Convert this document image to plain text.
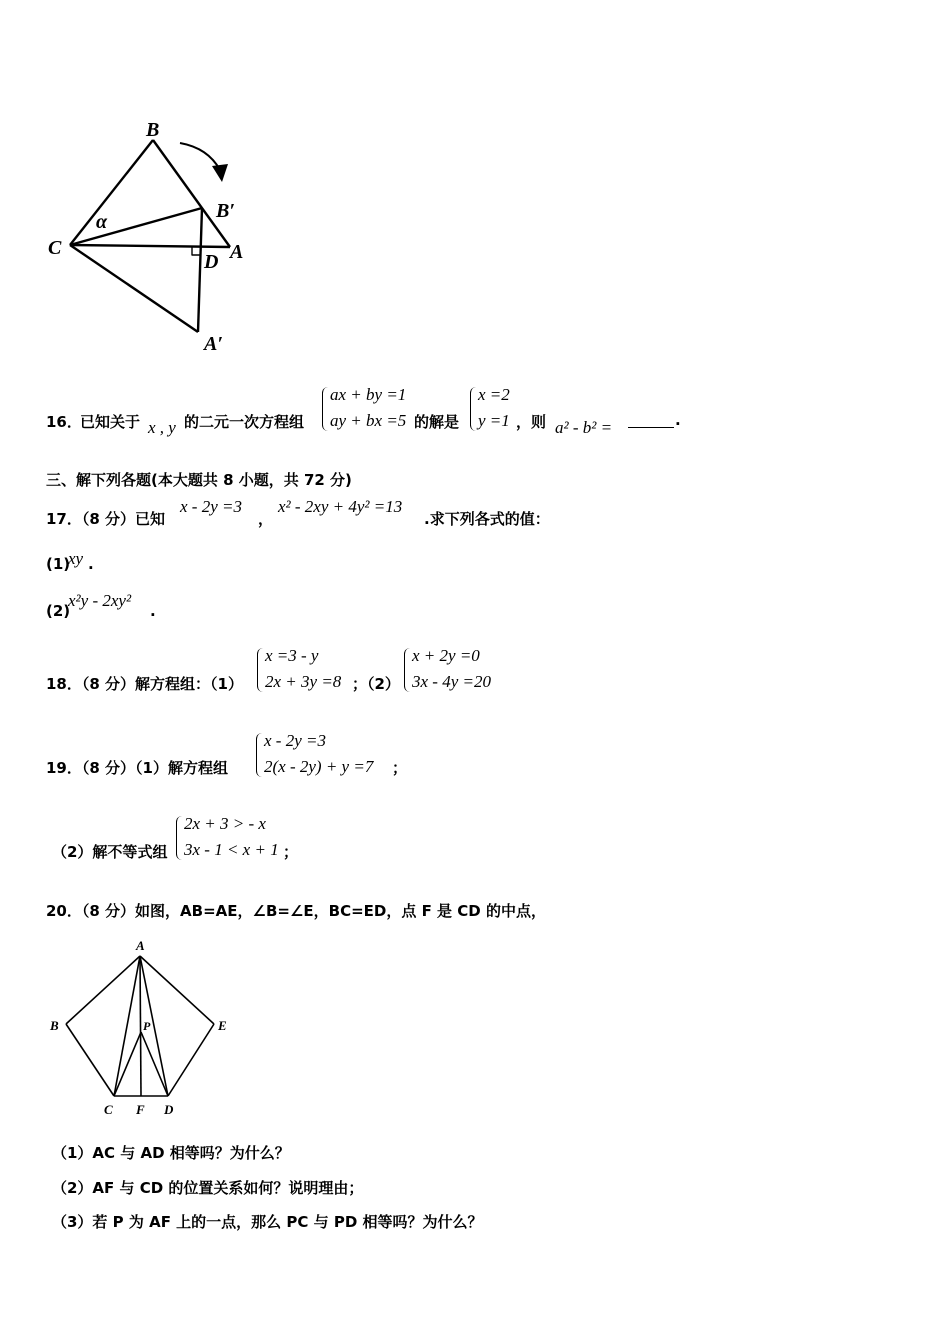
B
B′
α
C	A
D
A′
16．
已知关于 x , y 的二元一次方程组
ax + by =1
ay + bx =5 的解是
x =2
y =1 ，则 a² - b² =	.
三、解下列各题(本大题共 8 小题，共 72 分)
17．（8 分）已知
x - 2y =3
，
x² - 2xy + 4y² =13
.求下列各式的值：
(1)
xy .
(2)
x²y - 2xy²
.
18．（8 分）解方程组：（1）
x =3 - y
2x + 3y =8 ；（2）
x + 2y =0
3x - 4y =20
19．（8 分）（1）解方程组
x - 2y =3
2(x - 2y) + y =7 ；
（2）解不等式组
2x + 3 > - x
3x - 1 < x + 1 ；
20．（8 分）如图，AB=AE，∠B=∠E，BC=ED，点 F 是 CD 的中点，
A
B	E
P
C F D
（1）AC 与 AD 相等吗？为什么？
（2）AF 与 CD 的位置关系如何？说明理由；
（3）若 P 为 AF 上的一点，那么 PC 与 PD 相等吗？为什么？
